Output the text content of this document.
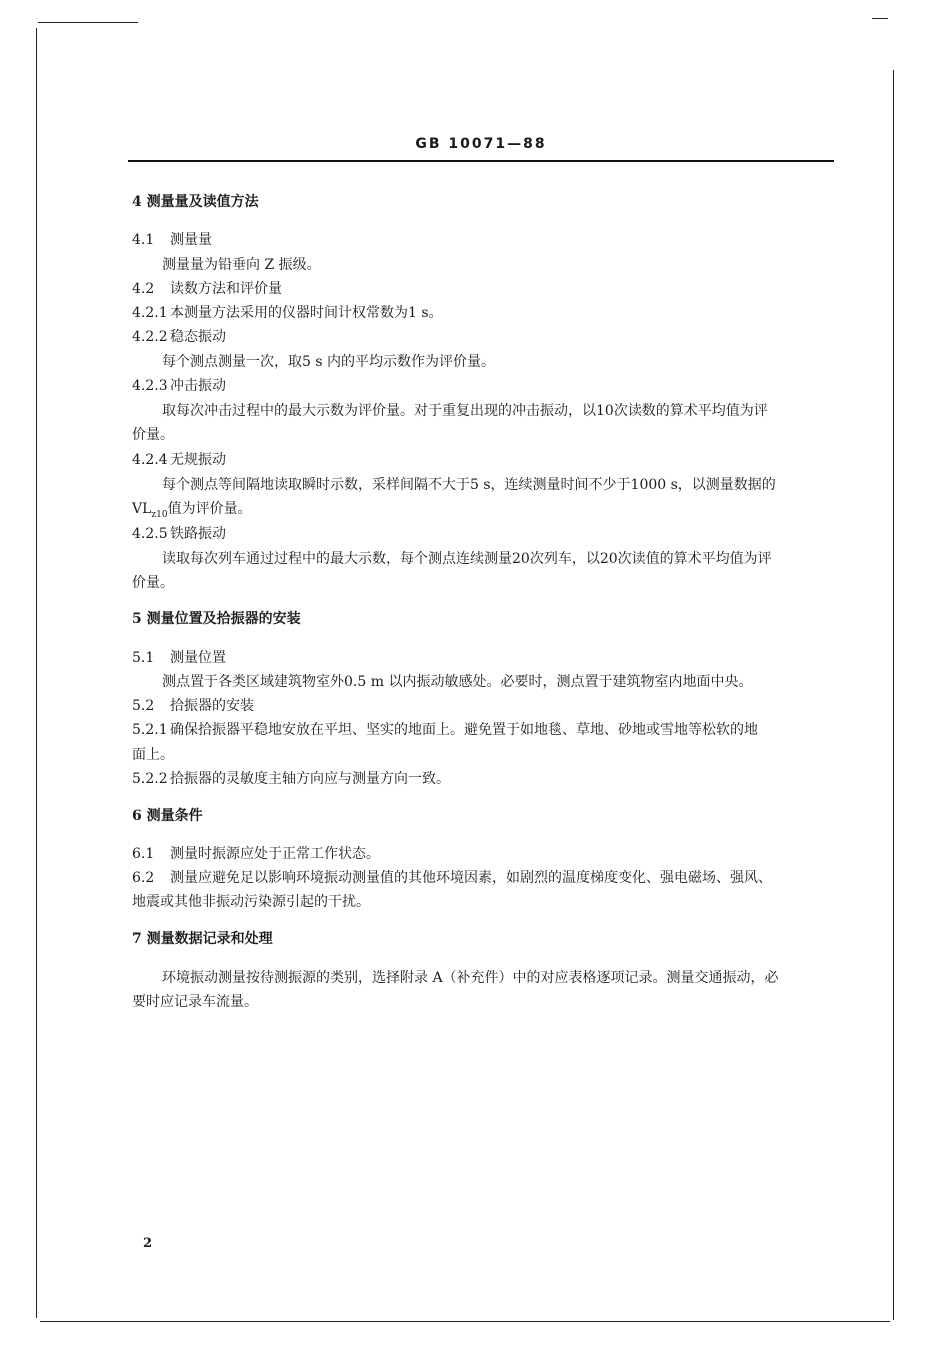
GB 10071—88
4 测量量及读值方法
4.1 测量量
测量量为铅垂向 Z 振级。
4.2 读数方法和评价量
4.2.1 本测量方法采用的仪器时间计权常数为1 s。
4.2.2 稳态振动
每个测点测量一次，取5 s 内的平均示数作为评价量。
4.2.3 冲击振动
取每次冲击过程中的最大示数为评价量。对于重复出现的冲击振动，以10次读数的算术平均值为评
价量。
4.2.4 无规振动
每个测点等间隔地读取瞬时示数，采样间隔不大于5 s，连续测量时间不少于1000 s，以测量数据的
$VL_{z10}$值为评价量。
4.2.5 铁路振动
读取每次列车通过过程中的最大示数，每个测点连续测量20次列车，以20次读值的算术平均值为评
价量。
5 测量位置及拾振器的安装
5.1 测量位置
测点置于各类区域建筑物室外0.5 m 以内振动敏感处。必要时，测点置于建筑物室内地面中央。
5.2 拾振器的安装
5.2.1 确保拾振器平稳地安放在平坦、坚实的地面上。避免置于如地毯、草地、砂地或雪地等松软的地
面上。
5.2.2 拾振器的灵敏度主轴方向应与测量方向一致。
6 测量条件
6.1 测量时振源应处于正常工作状态。
6.2 测量应避免足以影响环境振动测量值的其他环境因素，如剧烈的温度梯度变化、强电磁场、强风、
地震或其他非振动污染源引起的干扰。
7 测量数据记录和处理
环境振动测量按待测振源的类别，选择附录 A（补充件）中的对应表格逐项记录。测量交通振动，必
要时应记录车流量。
2
